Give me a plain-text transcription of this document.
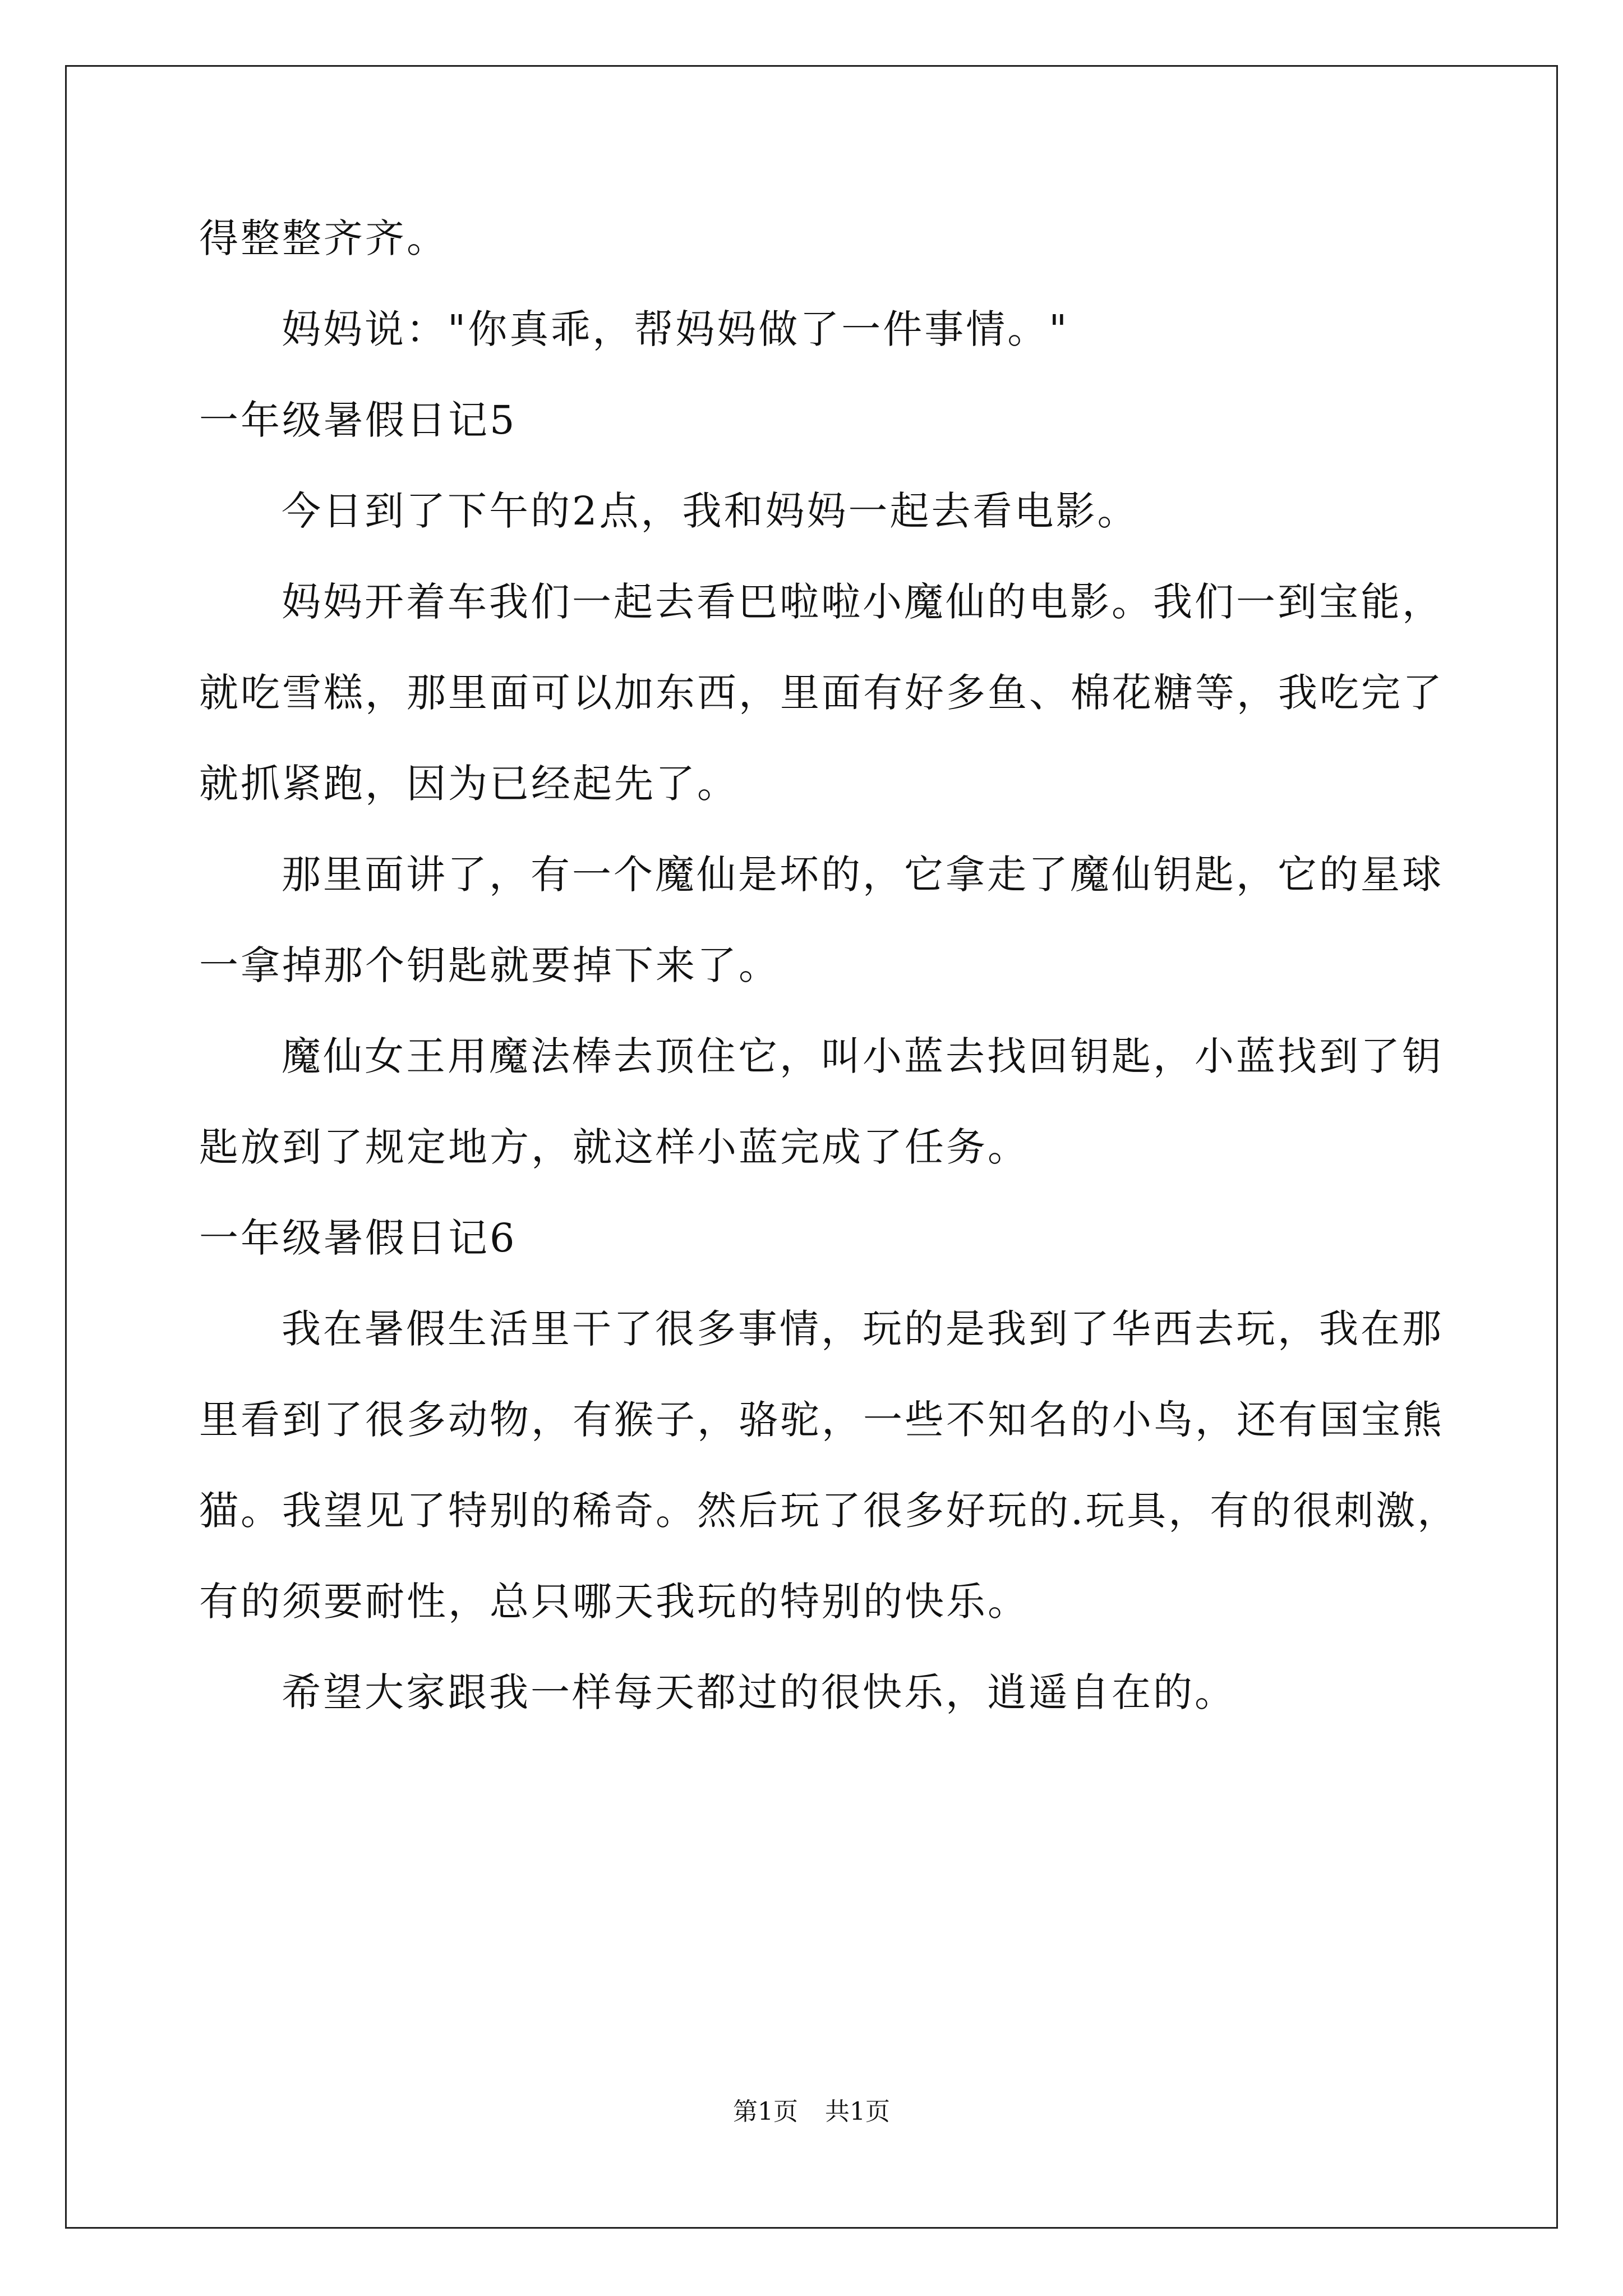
得整整齐齐。
妈妈说："你真乖，帮妈妈做了一件事情。"
一年级暑假日记5
今日到了下午的2点，我和妈妈一起去看电影。
妈妈开着车我们一起去看巴啦啦小魔仙的电影。我们一到宝能，
就吃雪糕，那里面可以加东西，里面有好多鱼、棉花糖等，我吃完了
就抓紧跑，因为已经起先了。
那里面讲了，有一个魔仙是坏的，它拿走了魔仙钥匙，它的星球
一拿掉那个钥匙就要掉下来了。
魔仙女王用魔法棒去顶住它，叫小蓝去找回钥匙，小蓝找到了钥
匙放到了规定地方，就这样小蓝完成了任务。
一年级暑假日记6
我在暑假生活里干了很多事情，玩的是我到了华西去玩，我在那
里看到了很多动物，有猴子，骆驼，一些不知名的小鸟，还有国宝熊
猫。我望见了特别的稀奇。然后玩了很多好玩的.玩具，有的很刺激，
有的须要耐性，总只哪天我玩的特别的快乐。
希望大家跟我一样每天都过的很快乐，逍遥自在的。
第1页 共1页
